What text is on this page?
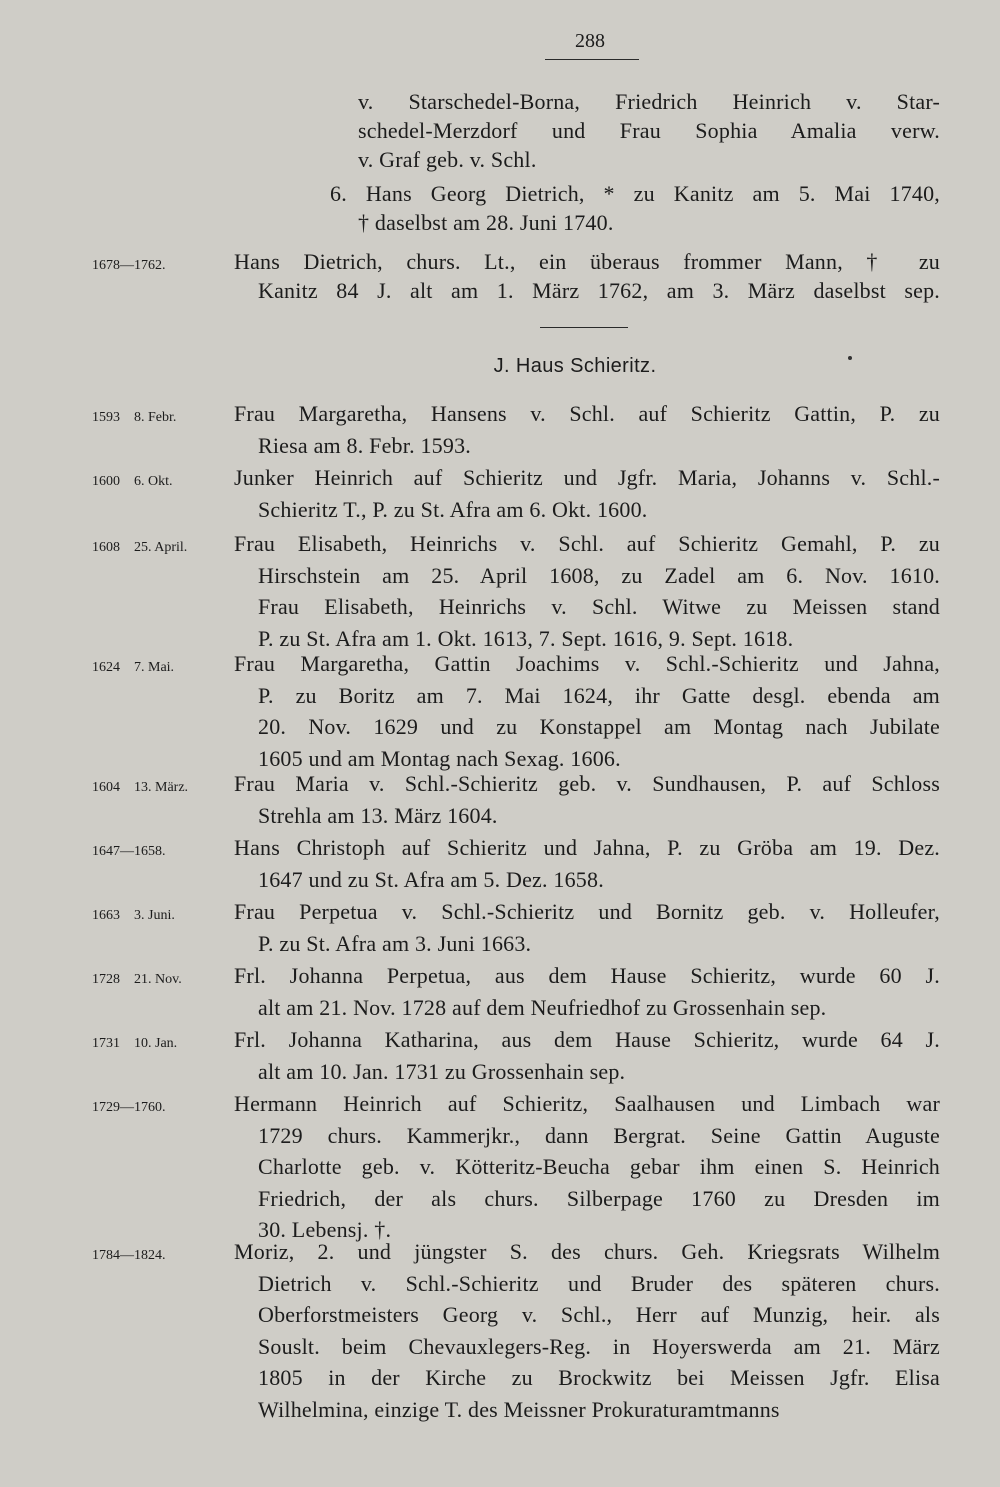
288
v. Starschedel-Borna, Friedrich Heinrich v. Star-
schedel-Merzdorf und Frau Sophia Amalia verw.
v. Graf geb. v. Schl.
6. Hans Georg Dietrich, * zu Kanitz am 5. Mai 1740,
† daselbst am 28. Juni 1740.
1678—1762.	Hans Dietrich, churs. Lt., ein überaus frommer Mann, † zu
Kanitz 84 J. alt am 1. März 1762, am 3. März daselbst sep.
J. Haus Schieritz.
1593 8. Febr.	Frau Margaretha, Hansens v. Schl. auf Schieritz Gattin, P. zu
Riesa am 8. Febr. 1593.
1600 6. Okt.	Junker Heinrich auf Schieritz und Jgfr. Maria, Johanns v. Schl.-
Schieritz T., P. zu St. Afra am 6. Okt. 1600.
1608 25. April. Frau Elisabeth, Heinrichs v. Schl. auf Schieritz Gemahl, P. zu
Hirschstein am 25. April 1608, zu Zadel am 6. Nov. 1610.
Frau Elisabeth, Heinrichs v. Schl. Witwe zu Meissen stand
P. zu St. Afra am 1. Okt. 1613, 7. Sept. 1616, 9. Sept. 1618.
1624 7. Mai.	Frau Margaretha, Gattin Joachims v. Schl.-Schieritz und Jahna,
P. zu Boritz am 7. Mai 1624, ihr Gatte desgl. ebenda am
20. Nov. 1629 und zu Konstappel am Montag nach Jubilate
1605 und am Montag nach Sexag. 1606.
1604 13. März. Frau Maria v. Schl.-Schieritz geb. v. Sundhausen, P. auf Schloss
Strehla am 13. März 1604.
1647—1658.	Hans Christoph auf Schieritz und Jahna, P. zu Gröba am 19. Dez.
1647 und zu St. Afra am 5. Dez. 1658.
1663 3. Juni.	Frau Perpetua v. Schl.-Schieritz und Bornitz geb. v. Holleufer,
P. zu St. Afra am 3. Juni 1663.
1728 21. Nov. Frl. Johanna Perpetua, aus dem Hause Schieritz, wurde 60 J.
alt am 21. Nov. 1728 auf dem Neufriedhof zu Grossenhain sep.
1731 10. Jan.	Frl. Johanna Katharina, aus dem Hause Schieritz, wurde 64 J.
alt am 10. Jan. 1731 zu Grossenhain sep.
1729—1760.	Hermann Heinrich auf Schieritz, Saalhausen und Limbach war
1729 churs. Kammerjkr., dann Bergrat. Seine Gattin Auguste
Charlotte geb. v. Kötteritz-Beucha gebar ihm einen S. Heinrich
Friedrich, der als churs. Silberpage 1760 zu Dresden im
30. Lebensj. †.
1784—1824.	Moriz, 2. und jüngster S. des churs. Geh. Kriegsrats Wilhelm
Dietrich v. Schl.-Schieritz und Bruder des späteren churs.
Oberforstmeisters Georg v. Schl., Herr auf Munzig, heir. als
Souslt. beim Chevauxlegers-Reg. in Hoyerswerda am 21. März
1805 in der Kirche zu Brockwitz bei Meissen Jgfr. Elisa
Wilhelmina, einzige T. des Meissner Prokuraturamtmanns
